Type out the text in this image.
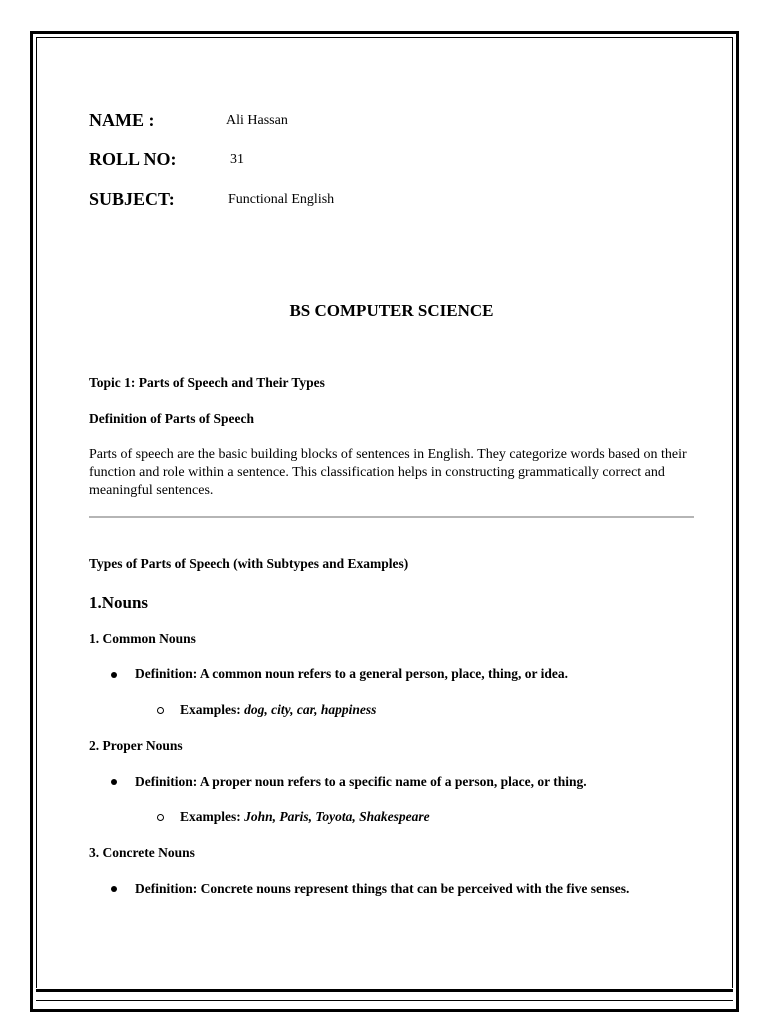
NAME :	Ali Hassan
ROLL NO:	31
SUBJECT:	Functional English
BS COMPUTER SCIENCE
Topic 1: Parts of Speech and Their Types
Definition of Parts of Speech
Parts of speech are the basic building blocks of sentences in English. They categorize words based on their function and role within a sentence. This classification helps in constructing grammatically correct and meaningful sentences.
Types of Parts of Speech (with Subtypes and Examples)
1.Nouns
1. Common Nouns
Definition: A common noun refers to a general person, place, thing, or idea.
Examples: dog, city, car, happiness
2. Proper Nouns
Definition: A proper noun refers to a specific name of a person, place, or thing.
Examples: John, Paris, Toyota, Shakespeare
3. Concrete Nouns
Definition: Concrete nouns represent things that can be perceived with the five senses.
